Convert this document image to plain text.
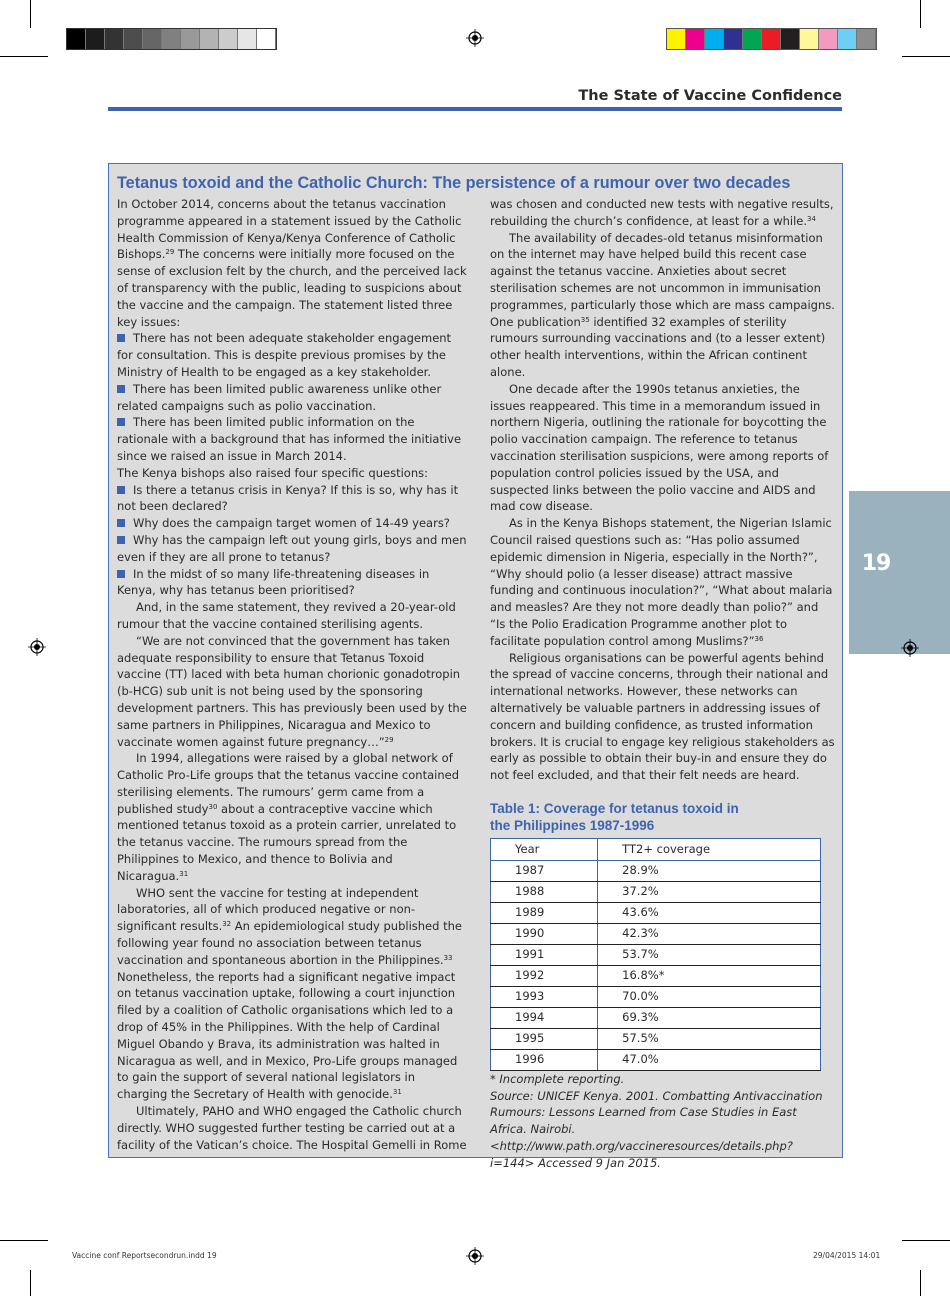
The State of Vaccine Confidence
19
Tetanus toxoid and the Catholic Church: The persistence of a rumour over two decades

In October 2014, concerns about the tetanus vaccination programme appeared in a statement issued by the Catholic Health Commission of Kenya/Kenya Conference of Catholic Bishops.$^{29}$ The concerns were initially more focused on the sense of exclusion felt by the church, and the perceived lack of transparency with the public, leading to suspicions about the vaccine and the campaign. The statement listed three key issues:

There has not been adequate stakeholder engagement for consultation. This is despite previous promises by the Ministry of Health to be engaged as a key stakeholder.

There has been limited public awareness unlike other related campaigns such as polio vaccination.

There has been limited public information on the rationale with a background that has informed the initiative since we raised an issue in March 2014.

The Kenya bishops also raised four specific questions:

Is there a tetanus crisis in Kenya? If this is so, why has it not been declared?

Why does the campaign target women of 14-49 years?

Why has the campaign left out young girls, boys and men even if they are all prone to tetanus?

In the midst of so many life-threatening diseases in Kenya, why has tetanus been prioritised?

And, in the same statement, they revived a 20-year-old rumour that the vaccine contained sterilising agents.

“We are not convinced that the government has taken adequate responsibility to ensure that Tetanus Toxoid vaccine (TT) laced with beta human chorionic gonadotropin (b-HCG) sub unit is not being used by the sponsoring development partners. This has previously been used by the same partners in Philippines, Nicaragua and Mexico to vaccinate women against future pregnancy…”$^{29}$

In 1994, allegations were raised by a global network of Catholic Pro-Life groups that the tetanus vaccine contained sterilising elements. The rumours’ germ came from a published study$^{30}$ about a contraceptive vaccine which mentioned tetanus toxoid as a protein carrier, unrelated to the tetanus vaccine. The rumours spread from the Philippines to Mexico, and thence to Bolivia and Nicaragua.$^{31}$

WHO sent the vaccine for testing at independent laboratories, all of which produced negative or non-significant results.$^{32}$ An epidemiological study published the following year found no association between tetanus vaccination and spontaneous abortion in the Philippines.$^{33}$ Nonetheless, the reports had a significant negative impact on tetanus vaccination uptake, following a court injunction filed by a coalition of Catholic organisations which led to a drop of 45% in the Philippines. With the help of Cardinal Miguel Obando y Brava, its administration was halted in Nicaragua as well, and in Mexico, Pro-Life groups managed to gain the support of several national legislators in charging the Secretary of Health with genocide.$^{31}$

Ultimately, PAHO and WHO engaged the Catholic church directly. WHO suggested further testing be carried out at a facility of the Vatican’s choice. The Hospital Gemelli in Rome

was chosen and conducted new tests with negative results, rebuilding the church’s confidence, at least for a while.$^{34}$

The availability of decades-old tetanus misinformation on the internet may have helped build this recent case against the tetanus vaccine. Anxieties about secret sterilisation schemes are not uncommon in immunisation programmes, particularly those which are mass campaigns. One publication$^{35}$ identified 32 examples of sterility rumours surrounding vaccinations and (to a lesser extent) other health interventions, within the African continent alone.

One decade after the 1990s tetanus anxieties, the issues reappeared. This time in a memorandum issued in northern Nigeria, outlining the rationale for boycotting the polio vaccination campaign. The reference to tetanus vaccination sterilisation suspicions, were among reports of population control policies issued by the USA, and suspected links between the polio vaccine and AIDS and mad cow disease.

As in the Kenya Bishops statement, the Nigerian Islamic Council raised questions such as: “Has polio assumed epidemic dimension in Nigeria, especially in the North?”, “Why should polio (a lesser disease) attract massive funding and continuous inoculation?”, “What about malaria and measles? Are they not more deadly than polio?” and “Is the Polio Eradication Programme another plot to facilitate population control among Muslims?”$^{36}$

Religious organisations can be powerful agents behind the spread of vaccine concerns, through their national and international networks. However, these networks can alternatively be valuable partners in addressing issues of concern and building confidence, as trusted information brokers. It is crucial to engage key religious stakeholders as early as possible to obtain their buy-in and ensure they do not feel excluded, and that their felt needs are heard.

Table 1: Coverage for tetanus toxoid in
the Philippines 1987-1996
Year	TT2+ coverage
1987	28.9%
1988	37.2%
1989	43.6%
1990	42.3%
1991	53.7%
1992	16.8%*
1993	70.0%
1994	69.3%
1995	57.5%
1996	47.0%

* Incomplete reporting.

Source: UNICEF Kenya. 2001. Combatting Antivaccination Rumours: Lessons Learned from Case Studies in East Africa. Nairobi. <http://www.path.org/vaccineresources/details.php?i=144> Accessed 9 Jan 2015.

Vaccine conf Reportsecondrun.indd 19	29/04/2015 14:01
